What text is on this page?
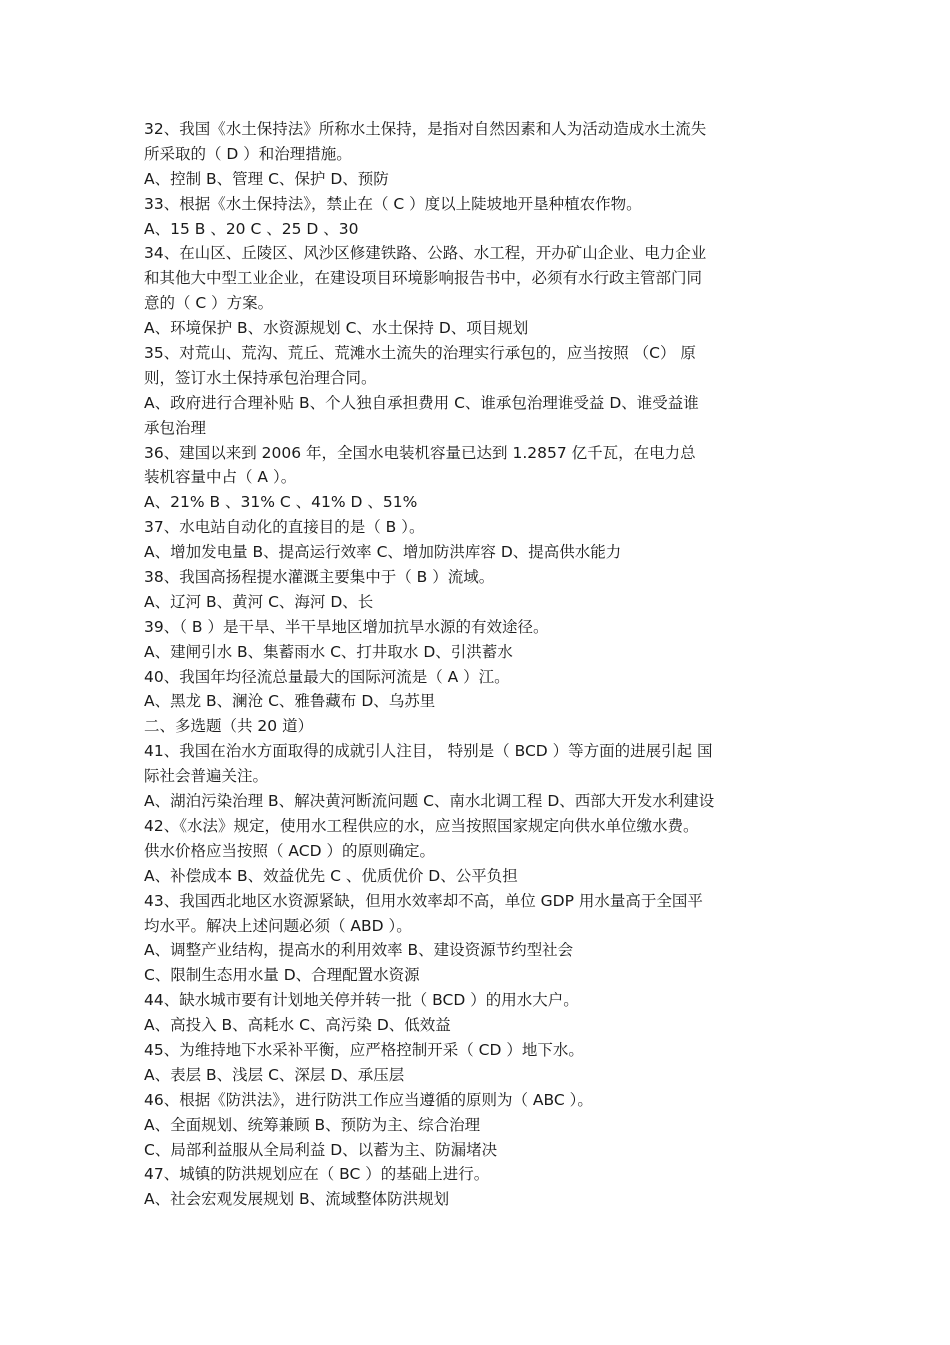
32、我国《水土保持法》所称水土保持，是指对自然因素和人为活动造成水土流失
所采取的（ D ）和治理措施。
A、控制 B、管理 C、保护 D、预防
33、根据《水土保持法》，禁止在（ C ）度以上陡坡地开垦种植农作物。
A、15 B 、20 C 、25 D 、30
34、在山区、丘陵区、风沙区修建铁路、公路、水工程，开办矿山企业、电力企业
和其他大中型工业企业，在建设项目环境影响报告书中，必须有水行政主管部门同
意的（ C ）方案。
A、环境保护 B、水资源规划 C、水土保持 D、项目规划
35、对荒山、荒沟、荒丘、荒滩水土流失的治理实行承包的，应当按照 （C） 原
则，签订水土保持承包治理合同。
A、政府进行合理补贴 B、个人独自承担费用 C、谁承包治理谁受益 D、谁受益谁
承包治理
36、建国以来到 2006 年，全国水电装机容量已达到 1.2857 亿千瓦，在电力总
装机容量中占（ A ）。
A、21% B 、31% C 、41% D 、51%
37、水电站自动化的直接目的是（ B ）。
A、增加发电量 B、提高运行效率 C、增加防洪库容 D、提高供水能力
38、我国高扬程提水灌溉主要集中于（ B ）流域。
A、辽河 B、黄河 C、海河 D、长
39、（ B ）是干旱、半干旱地区增加抗旱水源的有效途径。
A、建闸引水 B、集蓄雨水 C、打井取水 D、引洪蓄水
40、我国年均径流总量最大的国际河流是（ A ）江。
A、黑龙 B、澜沧 C、雅鲁藏布 D、乌苏里
二、多选题（共 20 道）
41、我国在治水方面取得的成就引人注目， 特别是（ BCD ）等方面的进展引起 国
际社会普遍关注。
A、湖泊污染治理 B、解决黄河断流问题 C、南水北调工程 D、西部大开发水利建设
42、《水法》规定，使用水工程供应的水，应当按照国家规定向供水单位缴水费。
供水价格应当按照（ ACD ）的原则确定。
A、补偿成本 B、效益优先 C 、优质优价 D、公平负担
43、我国西北地区水资源紧缺，但用水效率却不高，单位 GDP 用水量高于全国平
均水平。解决上述问题必须（ ABD ）。
A、调整产业结构，提高水的利用效率 B、建设资源节约型社会
C、限制生态用水量 D、合理配置水资源
44、缺水城市要有计划地关停并转一批（ BCD ）的用水大户。
A、高投入 B、高耗水 C、高污染 D、低效益
45、为维持地下水采补平衡，应严格控制开采（ CD ）地下水。
A、表层 B、浅层 C、深层 D、承压层
46、根据《防洪法》，进行防洪工作应当遵循的原则为（ ABC ）。
A、全面规划、统筹兼顾 B、预防为主、综合治理
C、局部利益服从全局利益 D、以蓄为主、防漏堵决
47、城镇的防洪规划应在（ BC ）的基础上进行。
A、社会宏观发展规划 B、流域整体防洪规划
